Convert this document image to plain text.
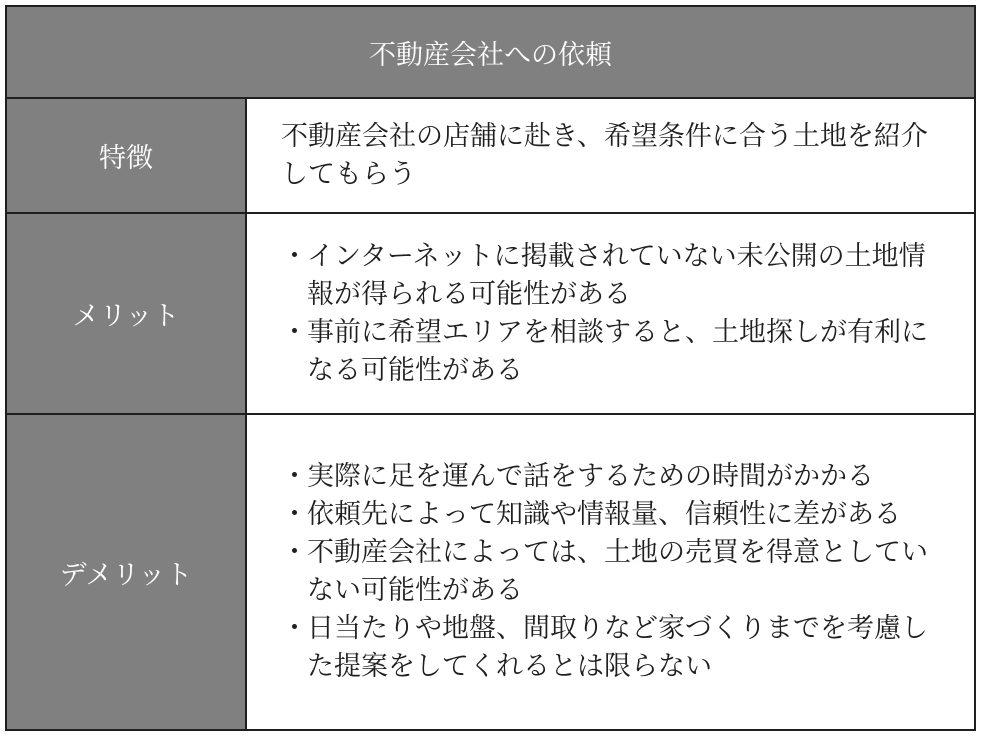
不動産会社への依頼
特徴
不動産会社の店舗に赴き、希望条件に合う土地を紹介してもらう
メリット
・ インターネットに掲載されていない未公開の土地情報が得られる可能性がある
・ 事前に希望エリアを相談すると、土地探しが有利になる可能性がある
デメリット
・ 実際に足を運んで話をするための時間がかかる
・ 依頼先によって知識や情報量、信頼性に差がある
・ 不動産会社によっては、土地の売買を得意としていない可能性がある
・ 日当たりや地盤、間取りなど家づくりまでを考慮した提案をしてくれるとは限らない
